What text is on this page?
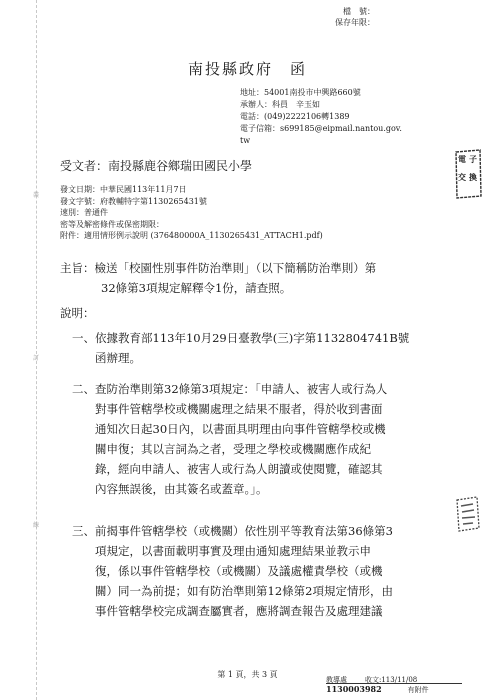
裝
訂
線
檔　號：
保存年限：
南投縣政府　函
地址：54001南投市中興路660號
承辦人：科員　辛玉如
電話：(049)2222106轉1389
電子信箱：s699185@eipmail.nantou.gov.
tw
電 子
交 換
受文者：南投縣鹿谷鄉瑞田國民小學
發文日期：中華民國113年11月7日
發文字號：府教輔特字第1130265431號
速別：普通件
密等及解密條件或保密期限：
附件：適用情形例示說明 (376480000A_1130265431_ATTACH1.pdf)
主旨：檢送「校園性別事件防治準則」（以下簡稱防治準則）第
32條第3項規定解釋令1份，請查照。
說明：
一、 依據教育部113年10月29日臺教學(三)字第1132804741B號
函辦理。
二、 查防治準則第32條第3項規定：「申請人、被害人或行為人
對事件管轄學校或機關處理之結果不服者，得於收到書面
通知次日起30日內，以書面具明理由向事件管轄學校或機
關申復；其以言詞為之者，受理之學校或機關應作成紀
錄，經向申請人、被害人或行為人朗讀或使閱覽，確認其
內容無誤後，由其簽名或蓋章。」。
三、 前揭事件管轄學校（或機關）依性別平等教育法第36條第3
項規定，以書面載明事實及理由通知處理結果並教示申
復，係以事件管轄學校（或機關）及議處權責學校（或機
關）同一為前提；如有防治準則第12條第2項規定情形，由
事件管轄學校完成調查屬實者，應將調查報告及處理建議
第 1 頁，共 3 頁
教導處	收文:113/11/08
1130003982	有附件
